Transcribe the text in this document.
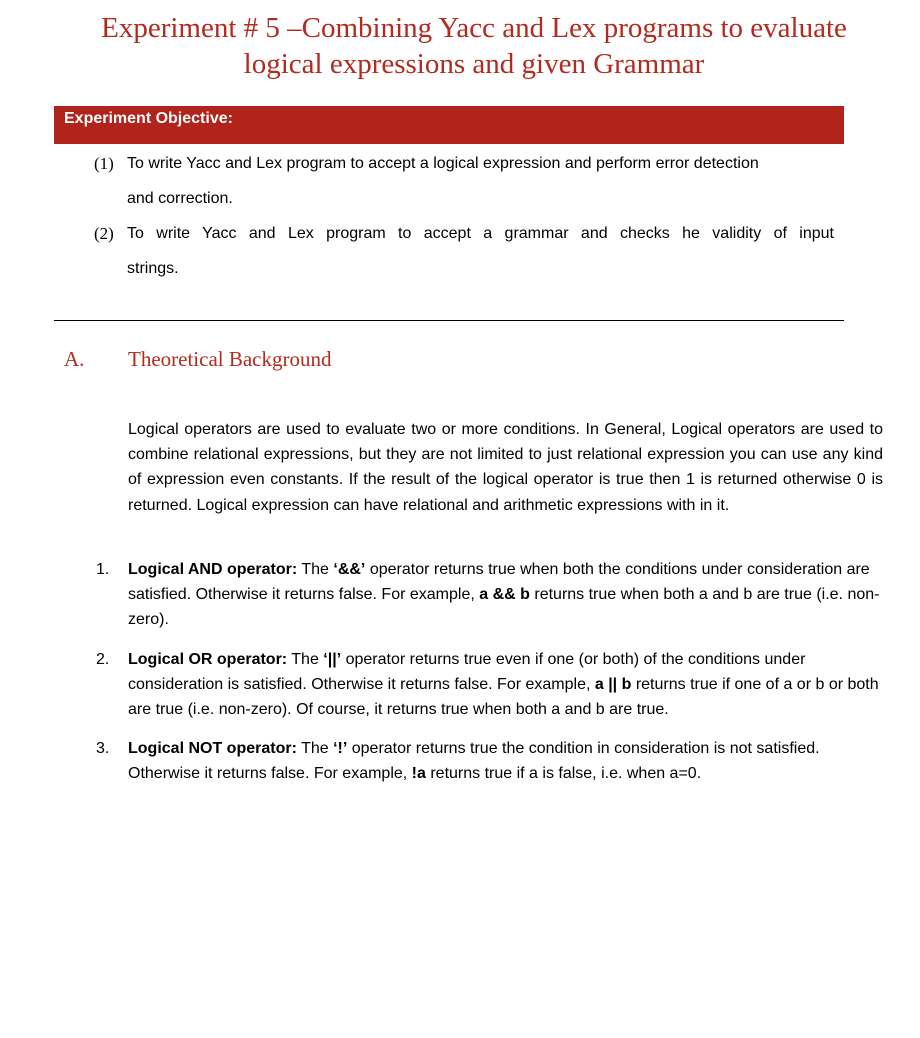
Experiment # 5 –Combining Yacc and Lex programs to evaluate
logical expressions and given Grammar
Experiment Objective:
(1) To write Yacc and Lex program to accept a logical expression and perform error detection
and correction.
(2) To write Yacc and Lex program to accept a grammar and checks he validity of input
strings.
A. Theoretical Background
Logical operators are used to evaluate two or more conditions. In General, Logical operators are used to combine relational expressions, but they are not limited to just relational expression you can use any kind of expression even constants. If the result of the logical operator is true then 1 is returned otherwise 0 is returned. Logical expression can have relational and arithmetic expressions with in it.
1. Logical AND operator: The ‘&&’ operator returns true when both the conditions under consideration are satisfied. Otherwise it returns false. For example, a && b returns true when both a and b are true (i.e. non-zero).
2. Logical OR operator: The ‘||’ operator returns true even if one (or both) of the conditions under consideration is satisfied. Otherwise it returns false. For example, a || b returns true if one of a or b or both are true (i.e. non-zero). Of course, it returns true when both a and b are true.
3. Logical NOT operator: The ‘!’ operator returns true the condition in consideration is not satisfied. Otherwise it returns false. For example, !a returns true if a is false, i.e. when a=0.
